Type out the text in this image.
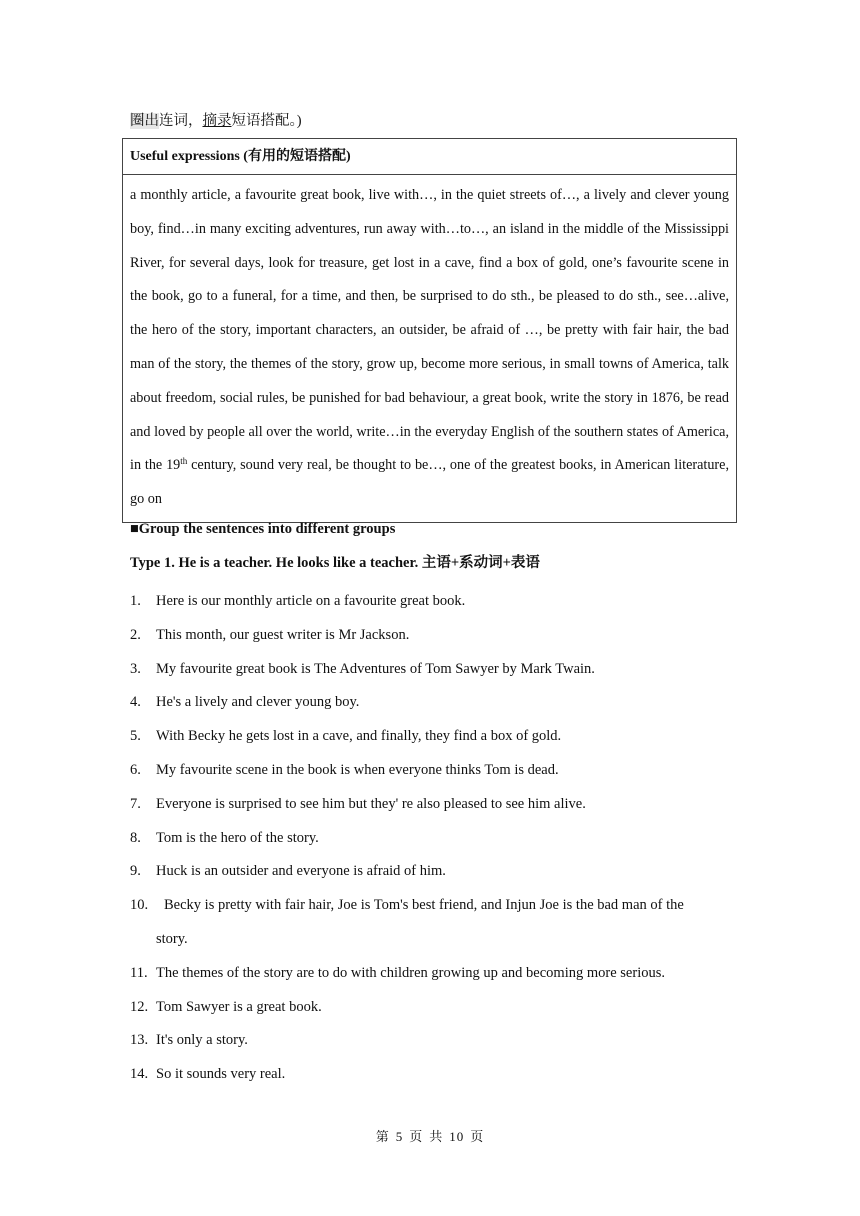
圈出连词，摘录短语搭配。)
Useful expressions (有用的短语搭配)

a monthly article, a favourite great book, live with…, in the quiet streets of…, a lively and clever young boy, find…in many exciting adventures, run away with…to…, an island in the middle of the Mississippi River, for several days, look for treasure, get lost in a cave, find a box of gold, one’s favourite scene in the book, go to a funeral, for a time, and then, be surprised to do sth., be pleased to do sth., see…alive, the hero of the story, important characters, an outsider, be afraid of …, be pretty with fair hair, the bad man of the story, the themes of the story, grow up, become more serious, in small towns of America, talk about freedom, social rules, be punished for bad behaviour, a great book, write the story in 1876, be read and loved by people all over the world, write…in the everyday English of the southern states of America, in the 19th century, sound very real, be thought to be…, one of the greatest books, in American literature, go on

■Group the sentences into different groups
Type 1. He is a teacher. He looks like a teacher. 主语+系动词+表语
1.	Here is our monthly article on a favourite great book.
2.	This month, our guest writer is Mr Jackson.
3.	My favourite great book is The Adventures of Tom Sawyer by Mark Twain.
4.	He's a lively and clever young boy.
5.	With Becky he gets lost in a cave, and finally, they find a box of gold.
6.	My favourite scene in the book is when everyone thinks Tom is dead.
7.	Everyone is surprised to see him but they' re also pleased to see him alive.
8.	Tom is the hero of the story.
9.	Huck is an outsider and everyone is afraid of him.
10.	Becky is pretty with fair hair, Joe is Tom's best friend, and Injun Joe is the bad man of the
story.
11. The themes of the story are to do with children growing up and becoming more serious.
12. Tom Sawyer is a great book.
13. It's only a story.
14. So it sounds very real.
第 5 页 共 10 页
